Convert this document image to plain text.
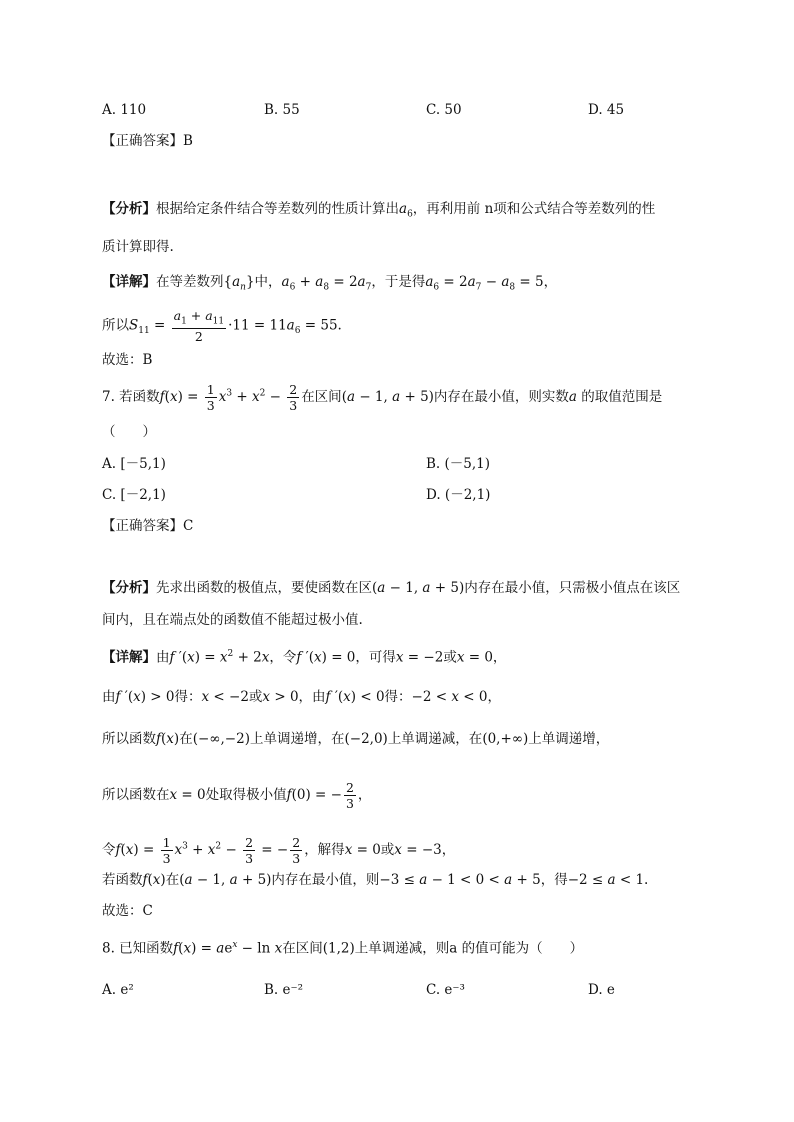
A. 110	B. 55	C. 50	D. 45
【正确答案】B
【分析】根据给定条件结合等差数列的性质计算出$a_6$，再利用前 n项和公式结合等差数列的性
质计算即得.
【详解】在等差数列$\{a_n\}$中，$a_6 + a_8 = 2a_7$，于是得$a_6 = 2a_7 - a_8 = 5$，
所以$S_{11} = \frac{a_1 + a_{11}}{2} \cdot 11 = 11a_6 = 55$.
故选：B
7. 若函数$f(x) = \frac{1}{3} x^3 + x^2 - \frac{2}{3}$ 在区间(a − 1, a + 5)内存在最小值，则实数a 的取值范围是
（　　）
A. [－5,1)	B. (－5,1)
C. [－2,1)	D. (－2,1)
【正确答案】C
【分析】先求出函数的极值点，要使函数在区(a − 1, a + 5)内存在最小值，只需极小值点在该区
间内，且在端点处的函数值不能超过极小值.
【详解】由f $'(x) = x^2 + 2x$，令f ′(x) = 0，可得x = −2或x = 0，
由f ′(x) > 0得：x < −2或x > 0，由f ′(x) < 0得：−2 < x < 0，
所以函数f(x)在(−∞,−2)上单调递增，在(−2,0)上单调递减，在(0,+∞)上单调递增，
所以函数在x = 0处取得极小值f(0) = − $\frac{2}{3}$ ，
令$f(x) = \frac{1}{3} x^3 + x^2 - \frac{2}{3}$ = − $\frac{2}{3}$ ，解得x = 0或x = −3，
若函数f(x)在(a − 1, a + 5)内存在最小值，则−3 ≤ a − 1 < 0 < a + 5，得−2 ≤ a < 1.
故选：C
8. 已知函数$f(x) = ae^x - \ln x$在区间(1,2)上单调递减，则a 的值可能为（　　）
A. e²	B. e⁻²	C. e⁻³	D. e
